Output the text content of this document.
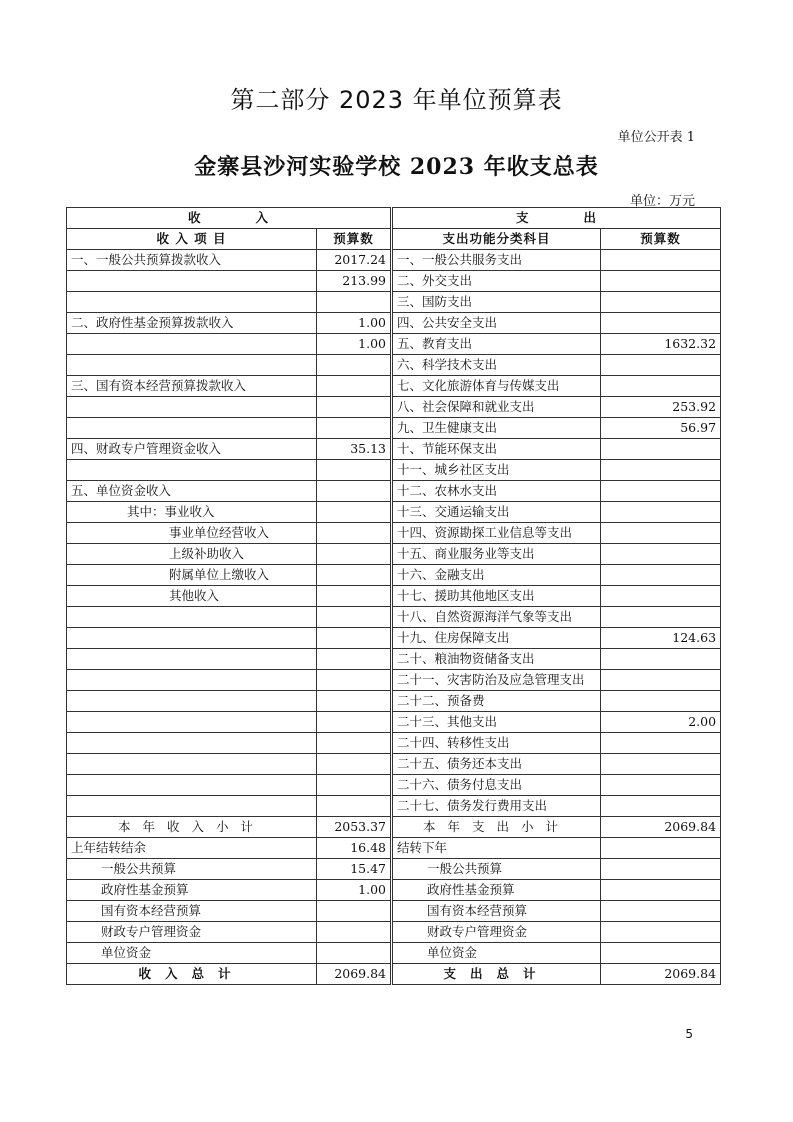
第二部分 2023 年单位预算表
单位公开表 1
金寨县沙河实验学校 2023 年收支总表
单位：万元
收　　　　入		支　　　　出	
收 入 项 目	预算数	支出功能分类科目	预算数
一、一般公共预算拨款收入	2017.24	一、一般公共服务支出	
	213.99	二、外交支出	
		三、国防支出	
二、政府性基金预算拨款收入	1.00	四、公共安全支出	
	1.00	五、教育支出	1632.32
		六、科学技术支出	
三、国有资本经营预算拨款收入		七、文化旅游体育与传媒支出	
		八、社会保障和就业支出	253.92
		九、卫生健康支出	56.97
四、财政专户管理资金收入	35.13	十、节能环保支出	
		十一、城乡社区支出	
五、单位资金收入		十二、农林水支出	
其中：事业收入		十三、交通运输支出	
事业单位经营收入		十四、资源勘探工业信息等支出	
上级补助收入		十五、商业服务业等支出	
附属单位上缴收入		十六、金融支出	
其他收入		十七、援助其他地区支出	
		十八、自然资源海洋气象等支出	
		十九、住房保障支出	124.63
		二十、粮油物资储备支出	
		二十一、灾害防治及应急管理支出	
		二十二、预备费	
		二十三、其他支出	2.00
		二十四、转移性支出	
		二十五、债务还本支出	
		二十六、债务付息支出	
		二十七、债务发行费用支出	
本年收入小计	2053.37	本年支出小计	2069.84
上年结转结余	16.48	结转下年	
一般公共预算	15.47	一般公共预算	
政府性基金预算	1.00	政府性基金预算	
国有资本经营预算		国有资本经营预算	
财政专户管理资金		财政专户管理资金	
单位资金		单位资金	
收入总计	2069.84	支出总计	2069.84
5
